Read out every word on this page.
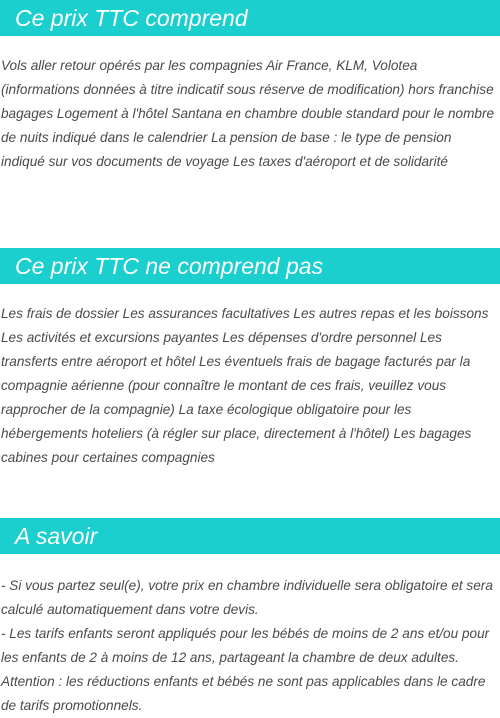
Ce prix TTC comprend

Vols aller retour opérés par les compagnies Air France, KLM, Volotea (informations données à titre indicatif sous réserve de modification) hors franchise bagages Logement à l'hôtel Santana en chambre double standard pour le nombre de nuits indiqué dans le calendrier La pension de base : le type de pension indiqué sur vos documents de voyage Les taxes d'aéroport et de solidarité

Ce prix TTC ne comprend pas

Les frais de dossier Les assurances facultatives Les autres repas et les boissons Les activités et excursions payantes Les dépenses d'ordre personnel Les transferts entre aéroport et hôtel Les éventuels frais de bagage facturés par la compagnie aérienne (pour connaître le montant de ces frais, veuillez vous rapprocher de la compagnie) La taxe écologique obligatoire pour les hébergements hoteliers (à régler sur place, directement à l'hôtel) Les bagages cabines pour certaines compagnies

A savoir

- Si vous partez seul(e), votre prix en chambre individuelle sera obligatoire et sera calculé automatiquement dans votre devis.

- Les tarifs enfants seront appliqués pour les bébés de moins de 2 ans et/ou pour les enfants de 2 à moins de 12 ans, partageant la chambre de deux adultes. Attention : les réductions enfants et bébés ne sont pas applicables dans le cadre de tarifs promotionnels.
